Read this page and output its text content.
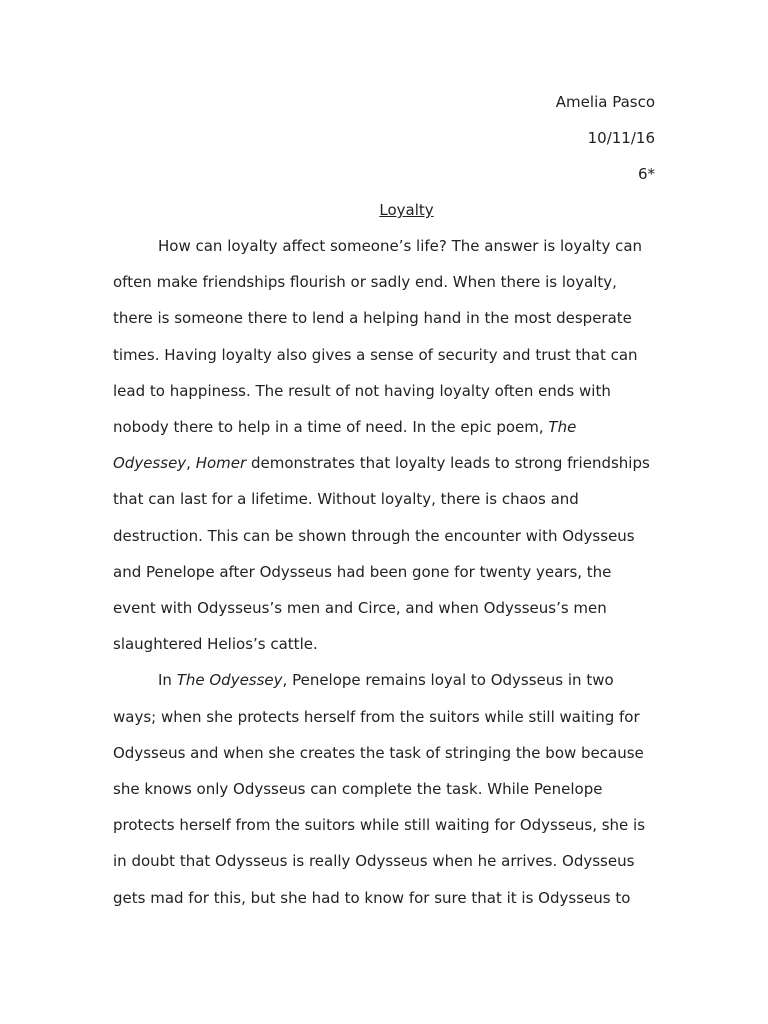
Amelia Pasco
10/11/16
6*
Loyalty
How can loyalty affect someone’s life? The answer is loyalty can
often make friendships flourish or sadly end. When there is loyalty,
there is someone there to lend a helping hand in the most desperate
times. Having loyalty also gives a sense of security and trust that can
lead to happiness. The result of not having loyalty often ends with
nobody there to help in a time of need. In the epic poem, The
Odyessey, Homer demonstrates that loyalty leads to strong friendships
that can last for a lifetime. Without loyalty, there is chaos and
destruction. This can be shown through the encounter with Odysseus
and Penelope after Odysseus had been gone for twenty years, the
event with Odysseus’s men and Circe, and when Odysseus’s men
slaughtered Helios’s cattle.
In The Odyessey, Penelope remains loyal to Odysseus in two
ways; when she protects herself from the suitors while still waiting for
Odysseus and when she creates the task of stringing the bow because
she knows only Odysseus can complete the task. While Penelope
protects herself from the suitors while still waiting for Odysseus, she is
in doubt that Odysseus is really Odysseus when he arrives. Odysseus
gets mad for this, but she had to know for sure that it is Odysseus to
